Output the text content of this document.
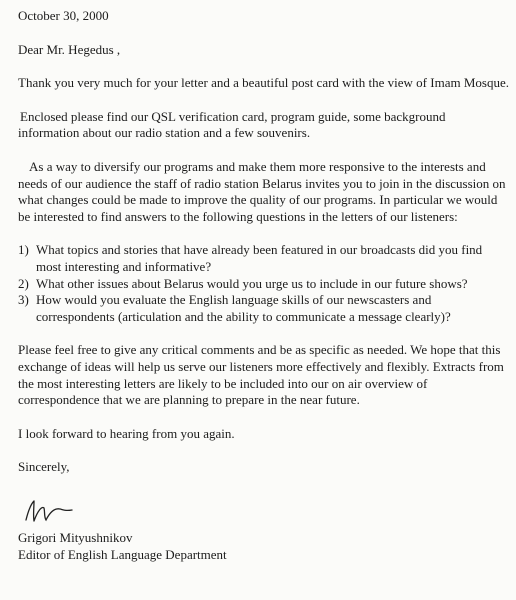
October 30, 2000
Dear Mr. Hegedus ,

Thank you very much for your letter and a beautiful post card with the view of Imam Mosque.

Enclosed please find our QSL verification card, program guide, some background information about our radio station and a few souvenirs.

As a way to diversify our programs and make them more responsive to the interests and needs of our audience the staff of radio station Belarus invites you to join in the discussion on what changes could be made to improve the quality of our programs. In particular we would be interested to find answers to the following questions in the letters of our listeners:

1) What topics and stories that have already been featured in our broadcasts did you find most interesting and informative?
2) What other issues about Belarus would you urge us to include in our future shows?
3) How would you evaluate the English language skills of our newscasters and correspondents (articulation and the ability to communicate a message clearly)?

Please feel free to give any critical comments and be as specific as needed. We hope that this exchange of ideas will help us serve our listeners more effectively and flexibly. Extracts from the most interesting letters are likely to be included into our on air overview of correspondence that we are planning to prepare in the near future.

I look forward to hearing from you again.

Sincerely,
Grigori Mityushnikov
Editor of English Language Department
